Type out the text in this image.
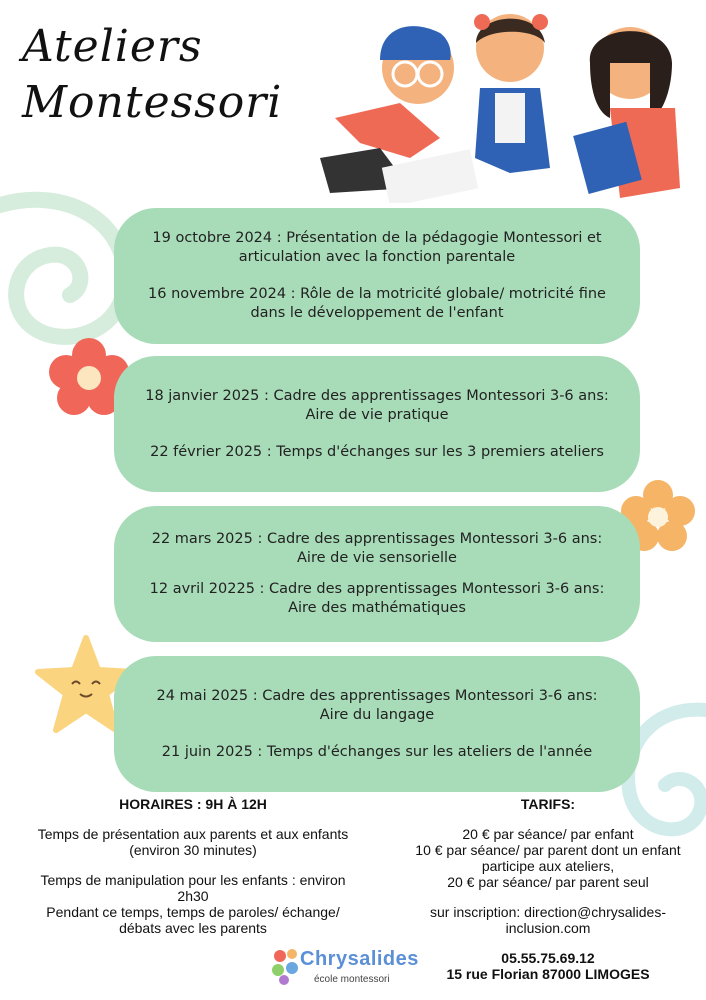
Ateliers
Montessori

19 octobre 2024 : Présentation de la pédagogie Montessori et

articulation avec la fonction parentale

16 novembre 2024 : Rôle de la motricité globale/ motricité fine

dans le développement de l'enfant

18 janvier 2025 : Cadre des apprentissages Montessori 3-6 ans:

Aire de vie pratique

22 février 2025 : Temps d'échanges sur les 3 premiers ateliers

22 mars 2025 : Cadre des apprentissages Montessori 3-6 ans:

Aire de vie sensorielle

12 avril 20225 : Cadre des apprentissages Montessori 3-6 ans:

Aire des mathématiques

24 mai 2025 : Cadre des apprentissages Montessori 3-6 ans:

Aire du langage

21 juin 2025 : Temps d'échanges sur les ateliers de l'année

HORAIRES : 9H À 12H
Temps de présentation aux parents et aux enfants
(environ 30 minutes)
Temps de manipulation pour les enfants : environ
2h30
Pendant ce temps, temps de paroles/ échange/
débats avec les parents
TARIFS:
20 € par séance/ par enfant
10 € par séance/ par parent dont un enfant
participe aux ateliers,
20 € par séance/ par parent seul
sur inscription: direction@chrysalides-
inclusion.com
05.55.75.69.12
15 rue Florian 87000 LIMOGES
Chrysalides
école montessori
